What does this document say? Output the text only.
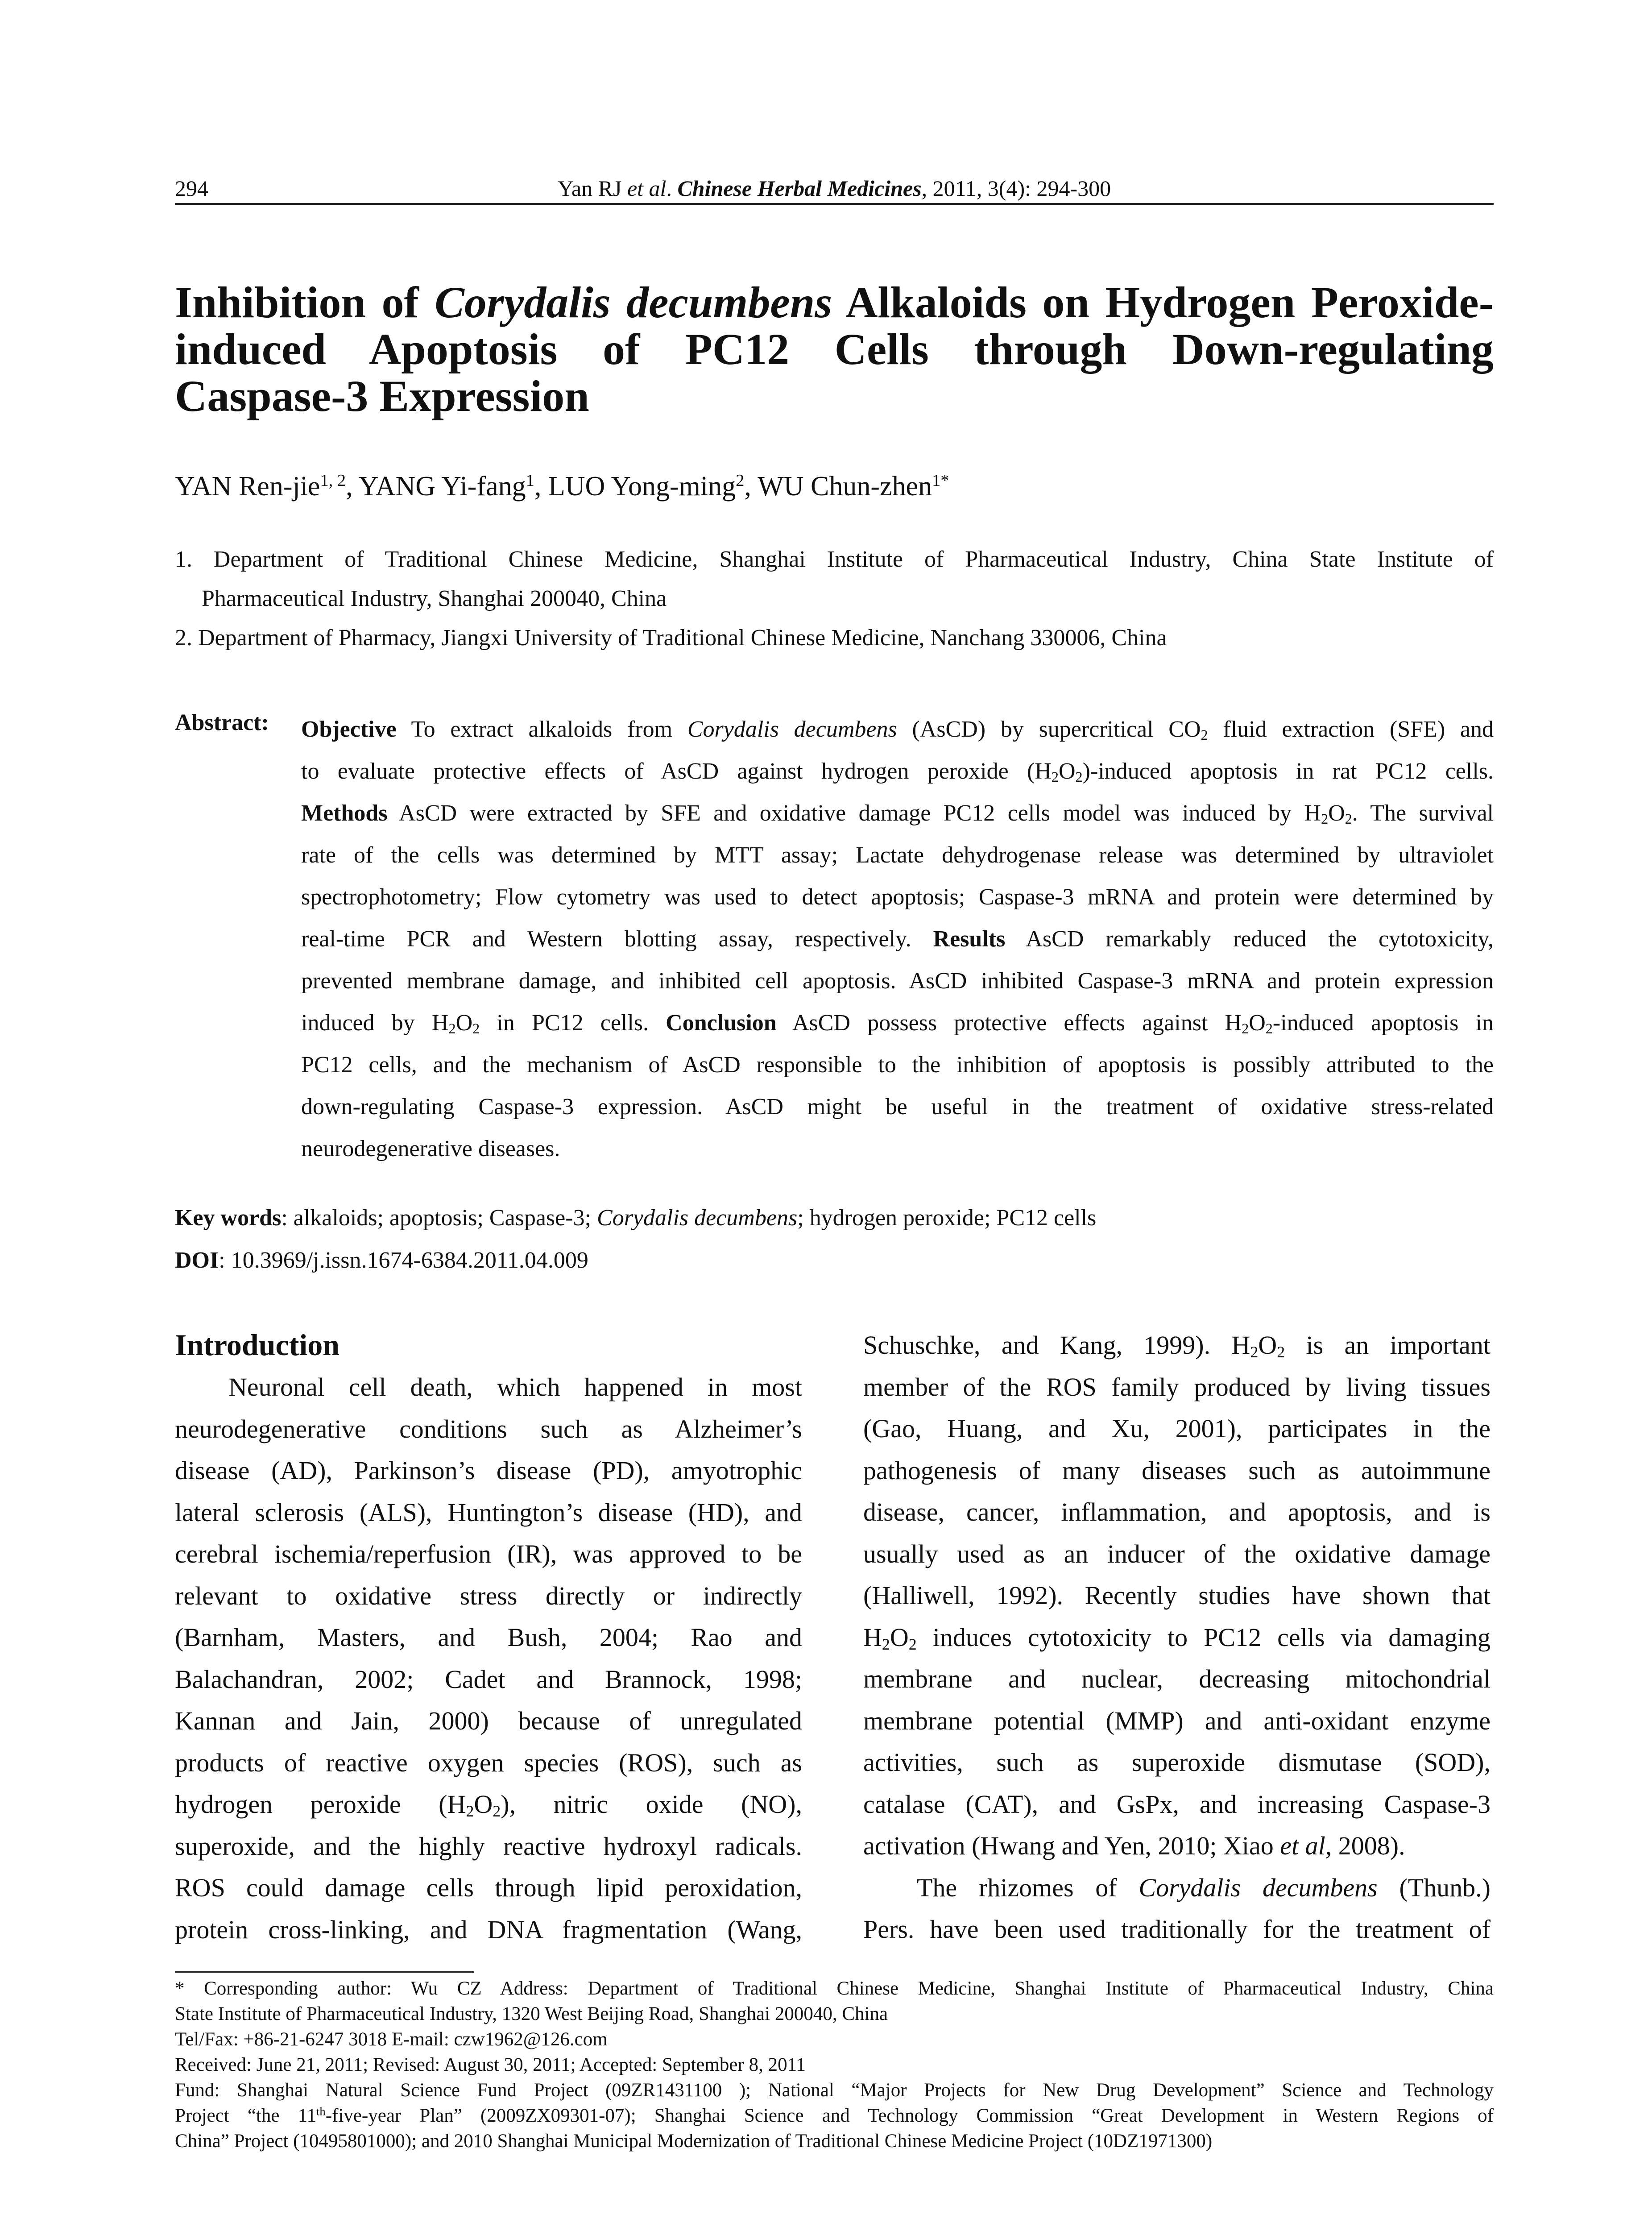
294	Yan RJ et al. Chinese Herbal Medicines, 2011, 3(4): 294-300
Inhibition of Corydalis decumbens Alkaloids on Hydrogen Peroxide-
induced Apoptosis of PC12 Cells through Down-regulating
Caspase-3 Expression
YAN Ren-jie$^{1, 2}$, YANG Yi-fang$^1$, LUO Yong-ming$^2$, WU Chun-zhen$^{1*}$
1. Department of Traditional Chinese Medicine, Shanghai Institute of Pharmaceutical Industry, China State Institute of
Pharmaceutical Industry, Shanghai 200040, China
2. Department of Pharmacy, Jiangxi University of Traditional Chinese Medicine, Nanchang 330006, China
Abstract: Objective To extract alkaloids from Corydalis decumbens (AsCD) by supercritical $CO_2$ fluid extraction (SFE) and
to evaluate protective effects of AsCD against hydrogen peroxide $(H_2O_2)$-induced apoptosis in rat PC12 cells.
Methods AsCD were extracted by SFE and oxidative damage PC12 cells model was induced by $H_2O_2$. The survival
rate of the cells was determined by MTT assay; Lactate dehydrogenase release was determined by ultraviolet
spectrophotometry; Flow cytometry was used to detect apoptosis; Caspase-3 mRNA and protein were determined by
real-time PCR and Western blotting assay, respectively. Results AsCD remarkably reduced the cytotoxicity,
prevented membrane damage, and inhibited cell apoptosis. AsCD inhibited Caspase-3 mRNA and protein expression
induced by $H_2O_2$ in PC12 cells. Conclusion AsCD possess protective effects against $H_2O_2$-induced apoptosis in
PC12 cells, and the mechanism of AsCD responsible to the inhibition of apoptosis is possibly attributed to the
down-regulating Caspase-3 expression. AsCD might be useful in the treatment of oxidative stress-related
neurodegenerative diseases.
Key words: alkaloids; apoptosis; Caspase-3; Corydalis decumbens; hydrogen peroxide; PC12 cells
DOI: 10.3969/j.issn.1674-6384.2011.04.009
Introduction
Neuronal cell death, which happened in most
neurodegenerative conditions such as Alzheimer’s
disease (AD), Parkinson’s disease (PD), amyotrophic
lateral sclerosis (ALS), Huntington’s disease (HD), and
cerebral ischemia/reperfusion (IR), was approved to be
relevant to oxidative stress directly or indirectly
(Barnham, Masters, and Bush, 2004; Rao and
Balachandran, 2002; Cadet and Brannock, 1998;
Kannan and Jain, 2000) because of unregulated
products of reactive oxygen species (ROS), such as
hydrogen peroxide $(H_2O_2)$, nitric oxide (NO),
superoxide, and the highly reactive hydroxyl radicals.
ROS could damage cells through lipid peroxidation,
protein cross-linking, and DNA fragmentation (Wang,
Schuschke, and Kang, 1999). $H_2O_2$ is an important
member of the ROS family produced by living tissues
(Gao, Huang, and Xu, 2001), participates in the
pathogenesis of many diseases such as autoimmune
disease, cancer, inflammation, and apoptosis, and is
usually used as an inducer of the oxidative damage
(Halliwell, 1992). Recently studies have shown that
$H_2O_2$ induces cytotoxicity to PC12 cells via damaging
membrane and nuclear, decreasing mitochondrial
membrane potential (MMP) and anti-oxidant enzyme
activities, such as superoxide dismutase (SOD),
catalase (CAT), and GsPx, and increasing Caspase-3
activation (Hwang and Yen, 2010; Xiao et al, 2008).
The rhizomes of Corydalis decumbens (Thunb.)
Pers. have been used traditionally for the treatment of
* Corresponding author: Wu CZ Address: Department of Traditional Chinese Medicine, Shanghai Institute of Pharmaceutical Industry, China
State Institute of Pharmaceutical Industry, 1320 West Beijing Road, Shanghai 200040, China
Tel/Fax: +86-21-6247 3018 E-mail: czw1962@126.com
Received: June 21, 2011; Revised: August 30, 2011; Accepted: September 8, 2011
Fund: Shanghai Natural Science Fund Project (09ZR1431100 ); National “Major Projects for New Drug Development” Science and Technology
Project “the 11th-five-year Plan” (2009ZX09301-07); Shanghai Science and Technology Commission “Great Development in Western Regions of
China” Project (10495801000); and 2010 Shanghai Municipal Modernization of Traditional Chinese Medicine Project (10DZ1971300)
